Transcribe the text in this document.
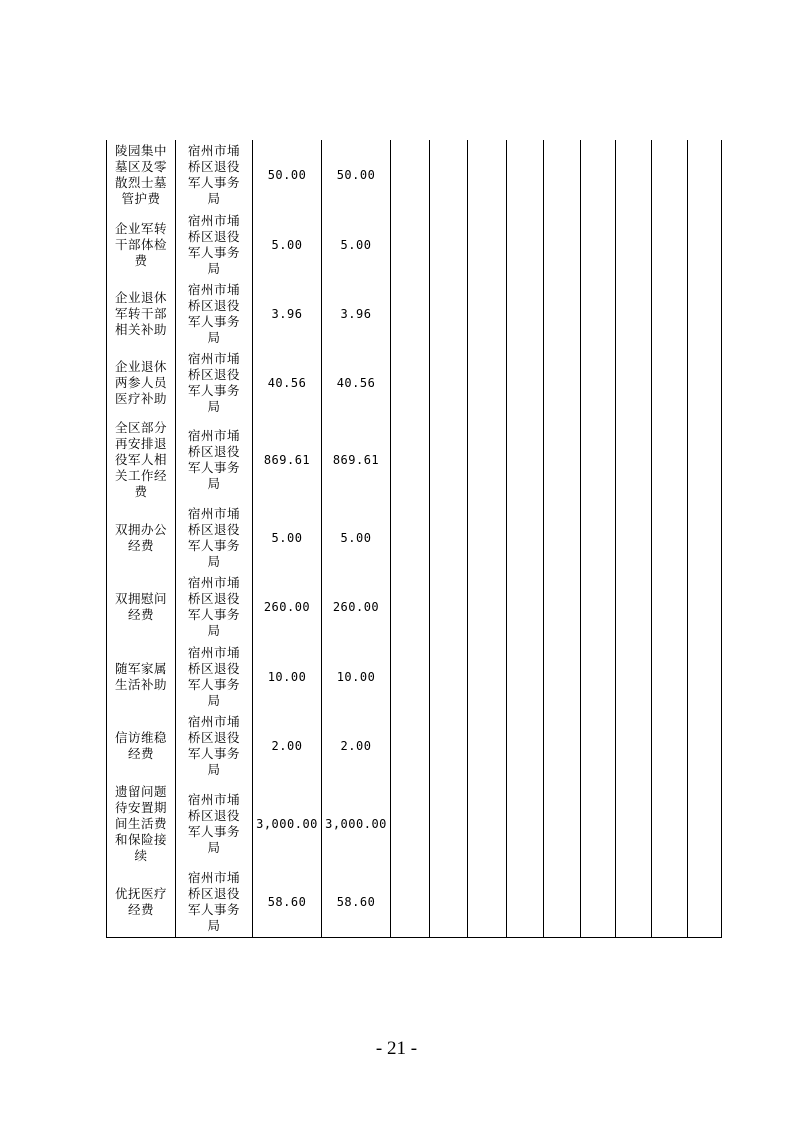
陵园集中
墓区及零
散烈士墓
管护费	宿州市埇
桥区退役
军人事务
局	50.00	50.00									
企业军转
干部体检
费	宿州市埇
桥区退役
军人事务
局	5.00	5.00									
企业退休
军转干部
相关补助	宿州市埇
桥区退役
军人事务
局	3.96	3.96									
企业退休
两参人员
医疗补助	宿州市埇
桥区退役
军人事务
局	40.56	40.56									
全区部分
再安排退
役军人相
关工作经
费	宿州市埇
桥区退役
军人事务
局	869.61	869.61									
双拥办公
经费	宿州市埇
桥区退役
军人事务
局	5.00	5.00									
双拥慰问
经费	宿州市埇
桥区退役
军人事务
局	260.00	260.00									
随军家属
生活补助	宿州市埇
桥区退役
军人事务
局	10.00	10.00									
信访维稳
经费	宿州市埇
桥区退役
军人事务
局	2.00	2.00									
遗留问题
待安置期
间生活费
和保险接
续	宿州市埇
桥区退役
军人事务
局	3,000.00	3,000.00									
优抚医疗
经费	宿州市埇
桥区退役
军人事务
局	58.60	58.60									
- 21 -
